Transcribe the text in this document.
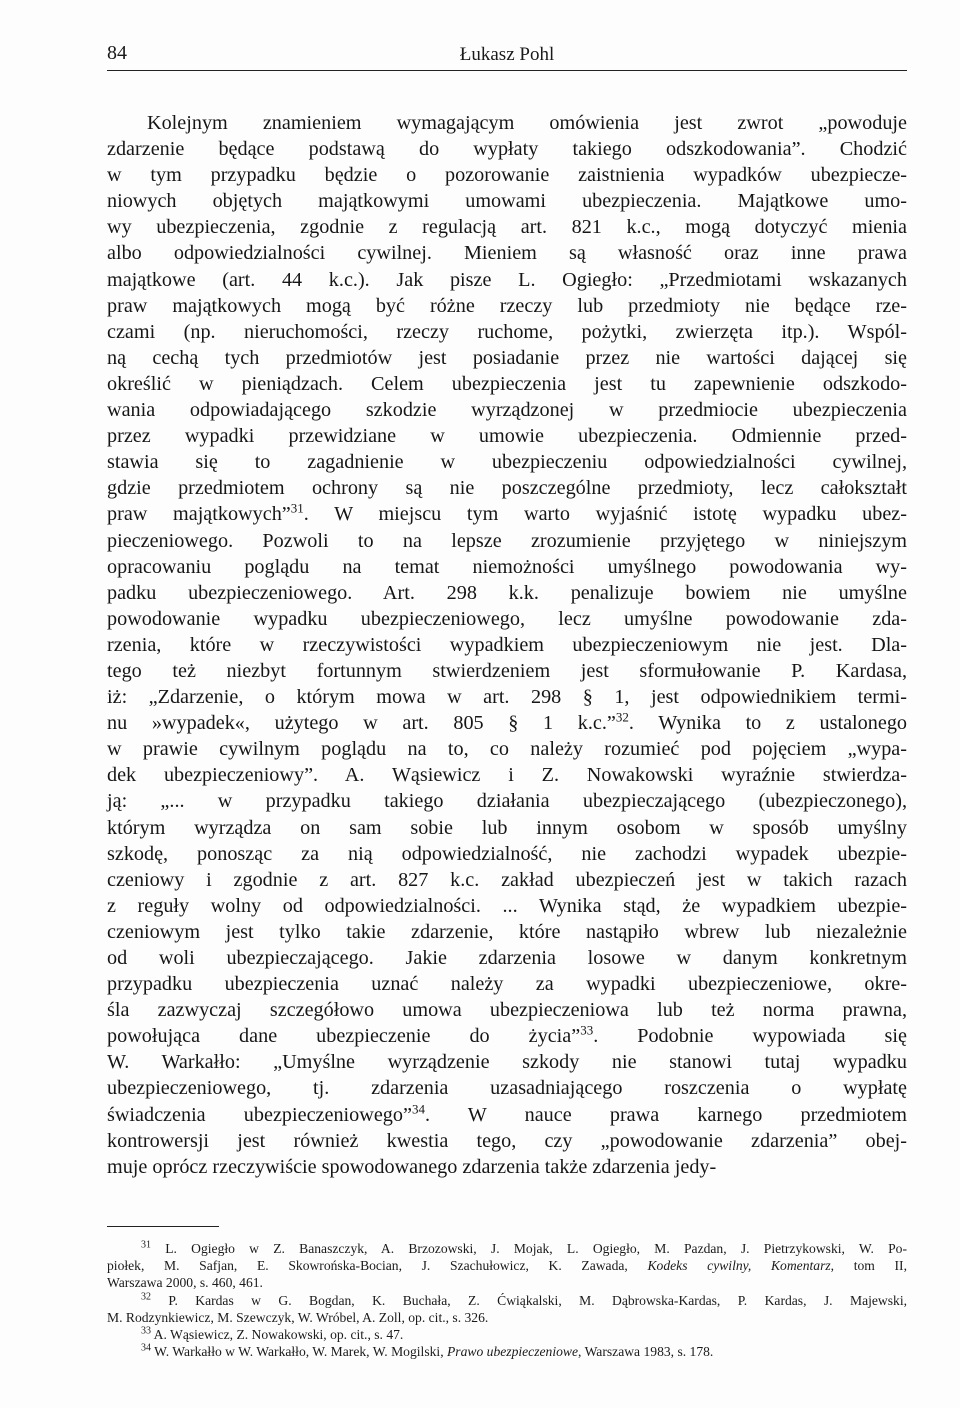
84	Łukasz Pohl
Kolejnym znamieniem wymagającym omówienia jest zwrot „powoduje
zdarzenie będące podstawą do wypłaty takiego odszkodowania”. Chodzić
w tym przypadku będzie o pozorowanie zaistnienia wypadków ubezpiecze-
niowych objętych majątkowymi umowami ubezpieczenia. Majątkowe umo-
wy ubezpieczenia, zgodnie z regulacją art. 821 k.c., mogą dotyczyć mienia
albo odpowiedzialności cywilnej. Mieniem są własność oraz inne prawa
majątkowe (art. 44 k.c.). Jak pisze L. Ogiegło: „Przedmiotami wskazanych
praw majątkowych mogą być różne rzeczy lub przedmioty nie będące rze-
czami (np. nieruchomości, rzeczy ruchome, pożytki, zwierzęta itp.). Wspól-
ną cechą tych przedmiotów jest posiadanie przez nie wartości dającej się
określić w pieniądzach. Celem ubezpieczenia jest tu zapewnienie odszkodo-
wania odpowiadającego szkodzie wyrządzonej w przedmiocie ubezpieczenia
przez wypadki przewidziane w umowie ubezpieczenia. Odmiennie przed-
stawia się to zagadnienie w ubezpieczeniu odpowiedzialności cywilnej,
gdzie przedmiotem ochrony są nie poszczególne przedmioty, lecz całokształt
praw majątkowych”$^{31}$. W miejscu tym warto wyjaśnić istotę wypadku ubez-
pieczeniowego. Pozwoli to na lepsze zrozumienie przyjętego w niniejszym
opracowaniu poglądu na temat niemożności umyślnego powodowania wy-
padku ubezpieczeniowego. Art. 298 k.k. penalizuje bowiem nie umyślne
powodowanie wypadku ubezpieczeniowego, lecz umyślne powodowanie zda-
rzenia, które w rzeczywistości wypadkiem ubezpieczeniowym nie jest. Dla-
tego też niezbyt fortunnym stwierdzeniem jest sformułowanie P. Kardasa,
iż: „Zdarzenie, o którym mowa w art. 298 § 1, jest odpowiednikiem termi-
nu »wypadek«, użytego w art. 805 § 1 k.c.”$^{32}$. Wynika to z ustalonego
w prawie cywilnym poglądu na to, co należy rozumieć pod pojęciem „wypa-
dek ubezpieczeniowy”. A. Wąsiewicz i Z. Nowakowski wyraźnie stwierdza-
ją: „... w przypadku takiego działania ubezpieczającego (ubezpieczonego),
którym wyrządza on sam sobie lub innym osobom w sposób umyślny
szkodę, ponosząc za nią odpowiedzialność, nie zachodzi wypadek ubezpie-
czeniowy i zgodnie z art. 827 k.c. zakład ubezpieczeń jest w takich razach
z reguły wolny od odpowiedzialności. ... Wynika stąd, że wypadkiem ubezpie-
czeniowym jest tylko takie zdarzenie, które nastąpiło wbrew lub niezależnie
od woli ubezpieczającego. Jakie zdarzenia losowe w danym konkretnym
przypadku ubezpieczenia uznać należy za wypadki ubezpieczeniowe, okre-
śla zazwyczaj szczegółowo umowa ubezpieczeniowa lub też norma prawna,
powołująca dane ubezpieczenie do życia”$^{33}$. Podobnie wypowiada się
W. Warkałło: „Umyślne wyrządzenie szkody nie stanowi tutaj wypadku
ubezpieczeniowego, tj. zdarzenia uzasadniającego roszczenia o wypłatę
świadczenia ubezpieczeniowego”$^{34}$. W nauce prawa karnego przedmiotem
kontrowersji jest również kwestia tego, czy „powodowanie zdarzenia” obej-
muje oprócz rzeczywiście spowodowanego zdarzenia także zdarzenia jedy-
$^{31}$ L. Ogiegło w Z. Banaszczyk, A. Brzozowski, J. Mojak, L. Ogiegło, M. Pazdan, J. Pietrzykowski, W. Po-
piołek, M. Safjan, E. Skowrońska-Bocian, J. Szachułowicz, K. Zawada, Kodeks cywilny, Komentarz, tom II,
Warszawa 2000, s. 460, 461.
$^{32}$ P. Kardas w G. Bogdan, K. Buchała, Z. Ćwiąkalski, M. Dąbrowska-Kardas, P. Kardas, J. Majewski,
M. Rodzynkiewicz, M. Szewczyk, W. Wróbel, A. Zoll, op. cit., s. 326.
$^{33}$ A. Wąsiewicz, Z. Nowakowski, op. cit., s. 47.
$^{34}$ W. Warkałło w W. Warkałło, W. Marek, W. Mogilski, Prawo ubezpieczeniowe, Warszawa 1983, s. 178.
